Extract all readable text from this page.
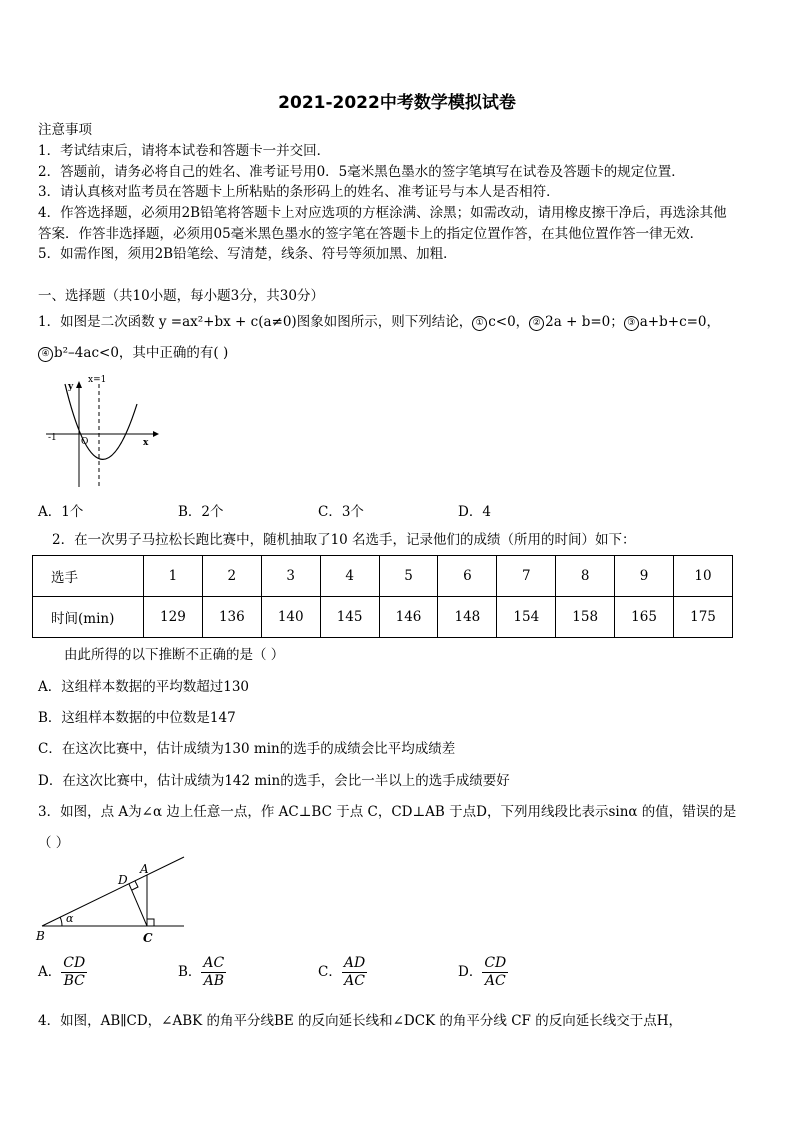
2021-2022中考数学模拟试卷
注意事项
1．考试结束后，请将本试卷和答题卡一并交回．
2．答题前，请务必将自己的姓名、准考证号用0．5毫米黑色墨水的签字笔填写在试卷及答题卡的规定位置．
3．请认真核对监考员在答题卡上所粘贴的条形码上的姓名、准考证号与本人是否相符．
4．作答选择题，必须用2B铅笔将答题卡上对应选项的方框涂满、涂黑；如需改动，请用橡皮擦干净后，再选涂其他
答案．作答非选择题，必须用05毫米黑色墨水的签字笔在答题卡上的指定位置作答，在其他位置作答一律无效．
5．如需作图，须用2B铅笔绘、写清楚，线条、符号等须加黑、加粗．
一、选择题（共10小题，每小题3分，共30分）
1．如图是二次函数 y =ax²+bx + c(a≠0)图象如图所示，则下列结论， ① c<0， ② 2a + b=0； ③ a+b+c=0，
④ b²–4ac<0，其中正确的有( )
x=1
y
x
O
-1
A．1个	B．2个	C．3个	D．4
2．在一次男子马拉松长跑比赛中，随机抽取了10 名选手，记录他们的成绩（所用的时间）如下：
选手	1	2	3	4	5	6	7	8	9	10
时间(min)	129	136	140	145	146	148	154	158	165	175
由此所得的以下推断不正确的是（ ）
A．这组样本数据的平均数超过130
B．这组样本数据的中位数是147
C．在这次比赛中，估计成绩为130 min的选手的成绩会比平均成绩差
D．在这次比赛中，估计成绩为142 min的选手，会比一半以上的选手成绩要好
3．如图，点 A为∠α 边上任意一点，作 AC⊥BC 于点 C，CD⊥AB 于点D，下列用线段比表示sinα 的值，错误的是
（ ）
α
B	C
D
A
A． $\frac{CD}{BC}$	B． $\frac{AC}{AB}$	C． $\frac{AD}{AC}$	D． $\frac{CD}{AC}$
4．如图，AB∥CD，∠ABK 的角平分线BE 的反向延长线和∠DCK 的角平分线 CF 的反向延长线交于点H，
